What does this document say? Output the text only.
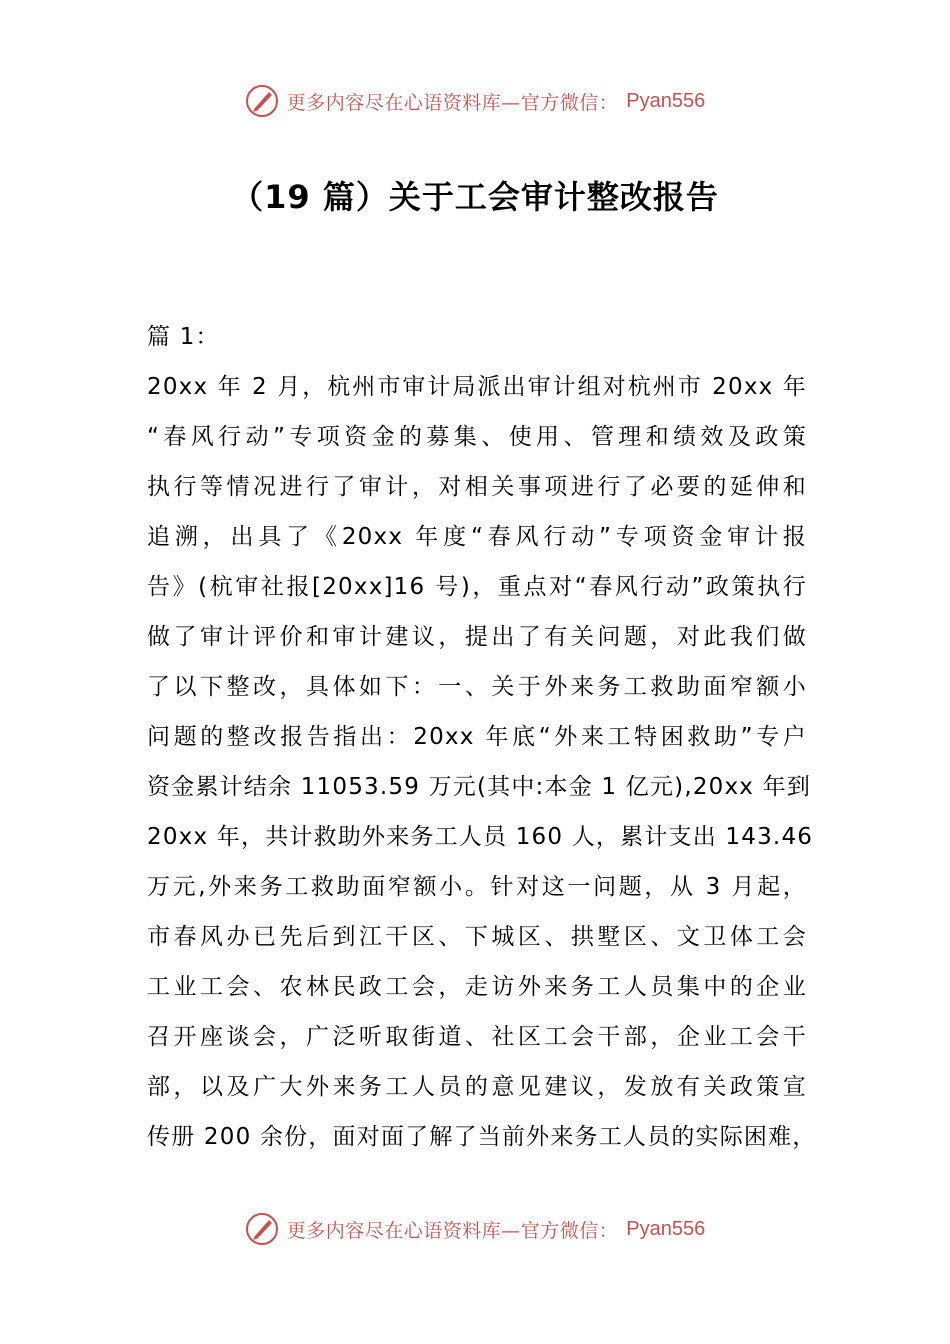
更多内容尽在心语资料库—官方微信： Pyan556
（19 篇）关于工会审计整改报告
篇 1：
20xx 年 2 月，杭州市审计局派出审计组对杭州市 20xx 年
“春风行动”专项资金的募集、使用、管理和绩效及政策
执行等情况进行了审计，对相关事项进行了必要的延伸和
追溯，出具了《20xx 年度“春风行动”专项资金审计报
告》(杭审社报[20xx]16 号)，重点对“春风行动”政策执行
做了审计评价和审计建议，提出了有关问题，对此我们做
了以下整改，具体如下：一、关于外来务工救助面窄额小
问题的整改报告指出：20xx 年底“外来工特困救助”专户
资金累计结余 11053.59 万元(其中:本金 1 亿元),20xx 年到
20xx 年，共计救助外来务工人员 160 人，累计支出 143.46
万元,外来务工救助面窄额小。针对这一问题，从 3 月起，
市春风办已先后到江干区、下城区、拱墅区、文卫体工会
工业工会、农林民政工会，走访外来务工人员集中的企业
召开座谈会，广泛听取街道、社区工会干部，企业工会干
部，以及广大外来务工人员的意见建议，发放有关政策宣
传册 200 余份，面对面了解了当前外来务工人员的实际困难，
更多内容尽在心语资料库—官方微信： Pyan556
